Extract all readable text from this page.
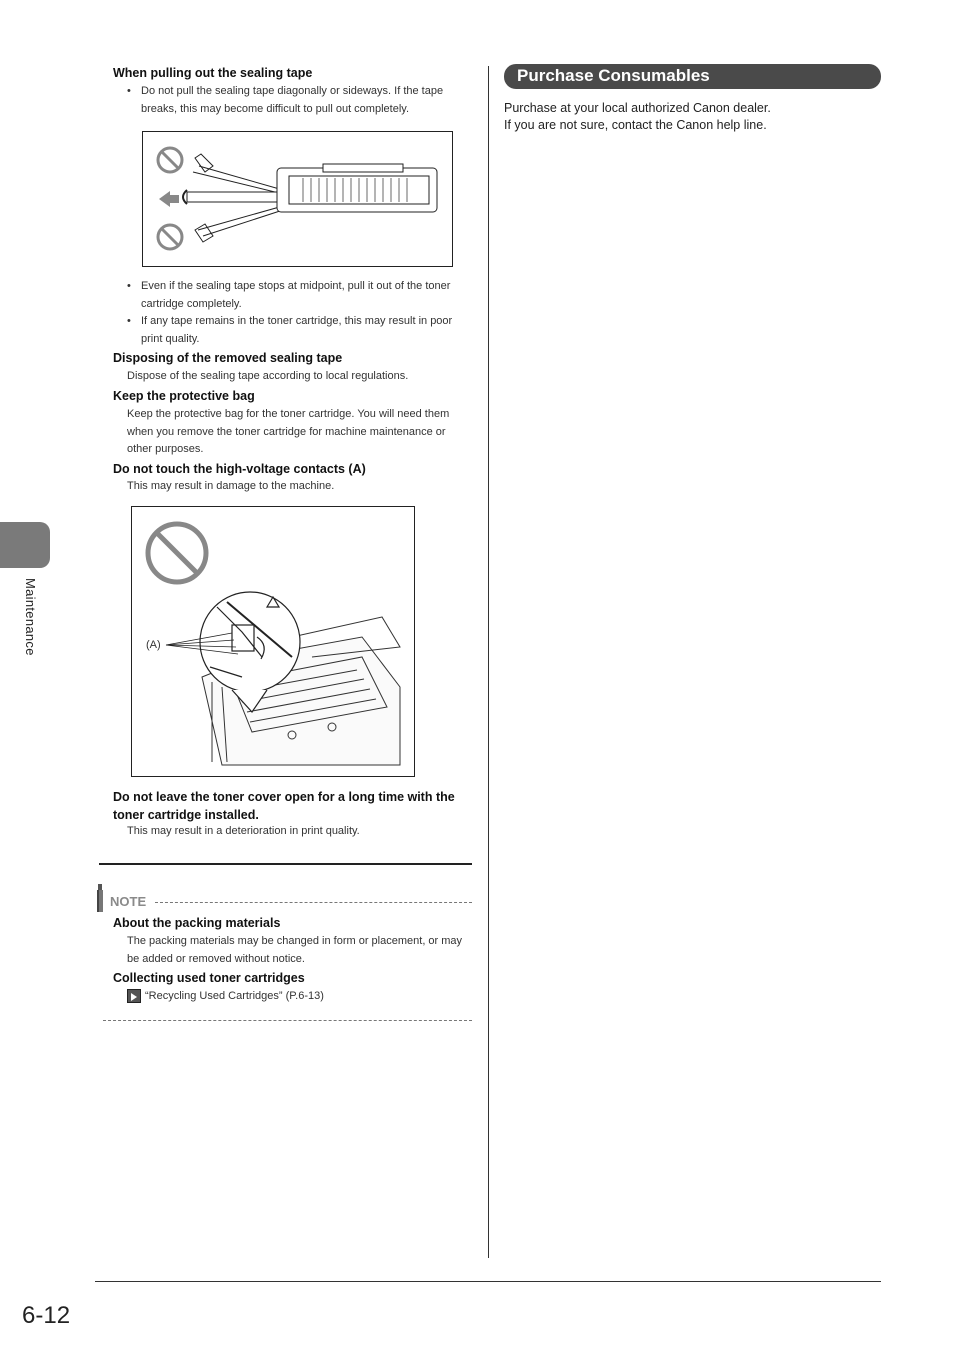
Maintenance
When pulling out the sealing tape
• Do not pull the sealing tape diagonally or sideways. If the tape breaks, this may become difficult to pull out completely.
• Even if the sealing tape stops at midpoint, pull it out of the toner cartridge completely.
• If any tape remains in the toner cartridge, this may result in poor print quality.
Disposing of the removed sealing tape
Dispose of the sealing tape according to local regulations.
Keep the protective bag
Keep the protective bag for the toner cartridge. You will need them when you remove the toner cartridge for machine maintenance or other purposes.
Do not touch the high-voltage contacts (A)
This may result in damage to the machine.
(A)
Do not leave the toner cover open for a long time with the toner cartridge installed.
This may result in a deterioration in print quality.
NOTE
About the packing materials
The packing materials may be changed in form or placement, or may be added or removed without notice.
Collecting used toner cartridges
“Recycling Used Cartridges” (P.6-13)
Purchase Consumables
Purchase at your local authorized Canon dealer.
If you are not sure, contact the Canon help line.
6-12
